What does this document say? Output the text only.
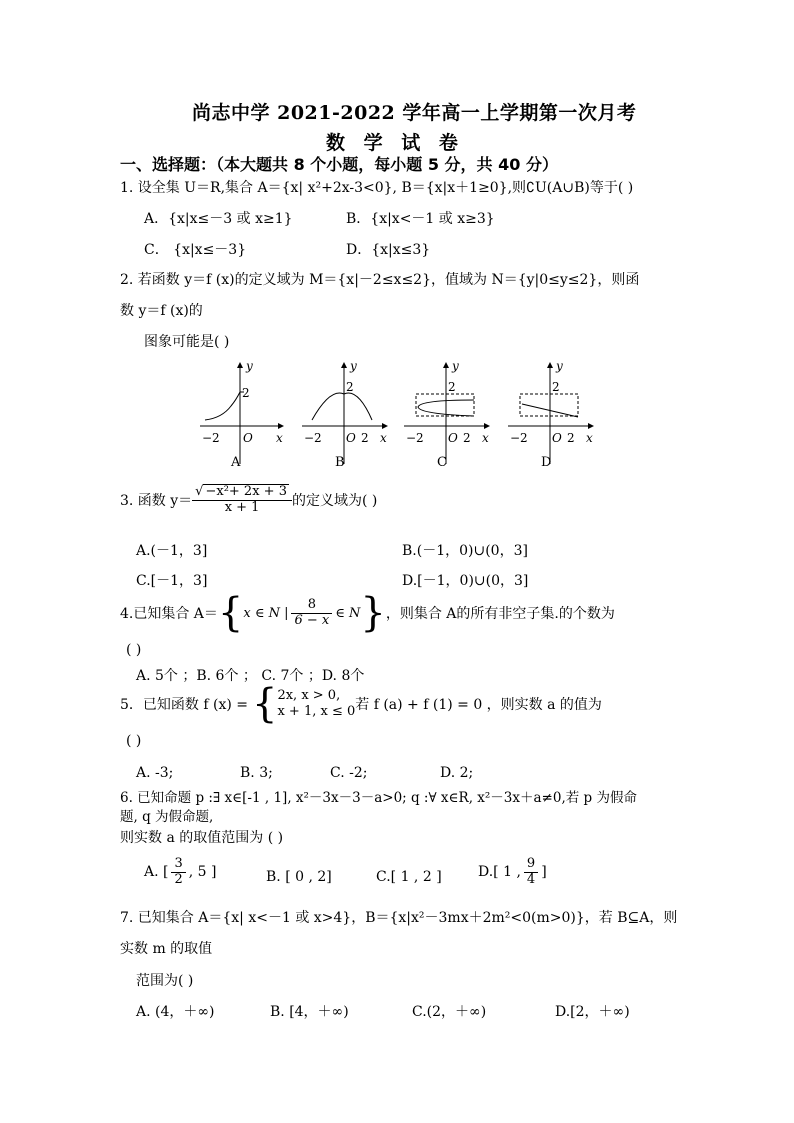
尚志中学 2021-2022 学年高一上学期第一次月考
数 学 试 卷
一、选择题：（本大题共 8 个小题，每小题 5 分，共 40 分）
1. 设全集 U＝R,集合 A＝{x| x²+2x-3<0}, B＝{x|x＋1≥0},则∁U(A∪B)等于( )
A．{x|x≤－3 或 x≥1}	B．{x|x<－1 或 x≥3}
C． {x|x≤－3}	D．{x|x≤3}
2. 若函数 y＝f (x)的定义域为 M＝{x|－2≤x≤2}，值域为 N＝{y|0≤y≤2}，则函
数 y＝f (x)的
图象可能是( )
y
x
2
−2 O
A
y
x
2
−2 O 2
B
y
x
2
−2 O 2
C
y
x
2
−2 O 2
D
3. 函数 $y= \frac{\text{√ −x²+ 2x + 3}}{x + 1}$ 的定义域为( )
A.(－1，3]	B.(－1，0)∪(0，3]
C.[－1，3]	D.[－1，0)∪(0，3]
4.已知集合 A＝ { x ∈ N | $\frac{8}{6 - x}$ ∈ N } ，则集合 A的所有非空子集.的个数为
( )
A. 5个 ；B. 6个 ； C. 7个 ；D. 8个
5．已知函数 f (x) = { 2x, x > 0,
x + 1, x ≤ 0 若 f (a) + f (1) = 0 ，则实数 a 的值为
( )
A. -3;	B. 3;	C. -2;	D. 2;
6. 已知命题 p :∃ x∈[-1 , 1], x²－3x－3－a>0; q :∀ x∈R, x²－3x＋a≠0,若 p 为假命
题, q 为假命题,
则实数 a 的取值范围为 ( )
A. [ $\frac{3}{2}$ , 5 ]	B. [ 0 , 2]	C.[ 1 , 2 ]	D.[ 1 , $\frac{9}{4}$ ]
7. 已知集合 A＝{x| x<－1 或 x>4}，B＝{x|x²－3mx＋2m²<0(m>0)}，若 B⊆A，则
实数 m 的取值
范围为( )
A. (4，＋∞)	B. [4，＋∞)	C.(2，＋∞)	D.[2，＋∞)
